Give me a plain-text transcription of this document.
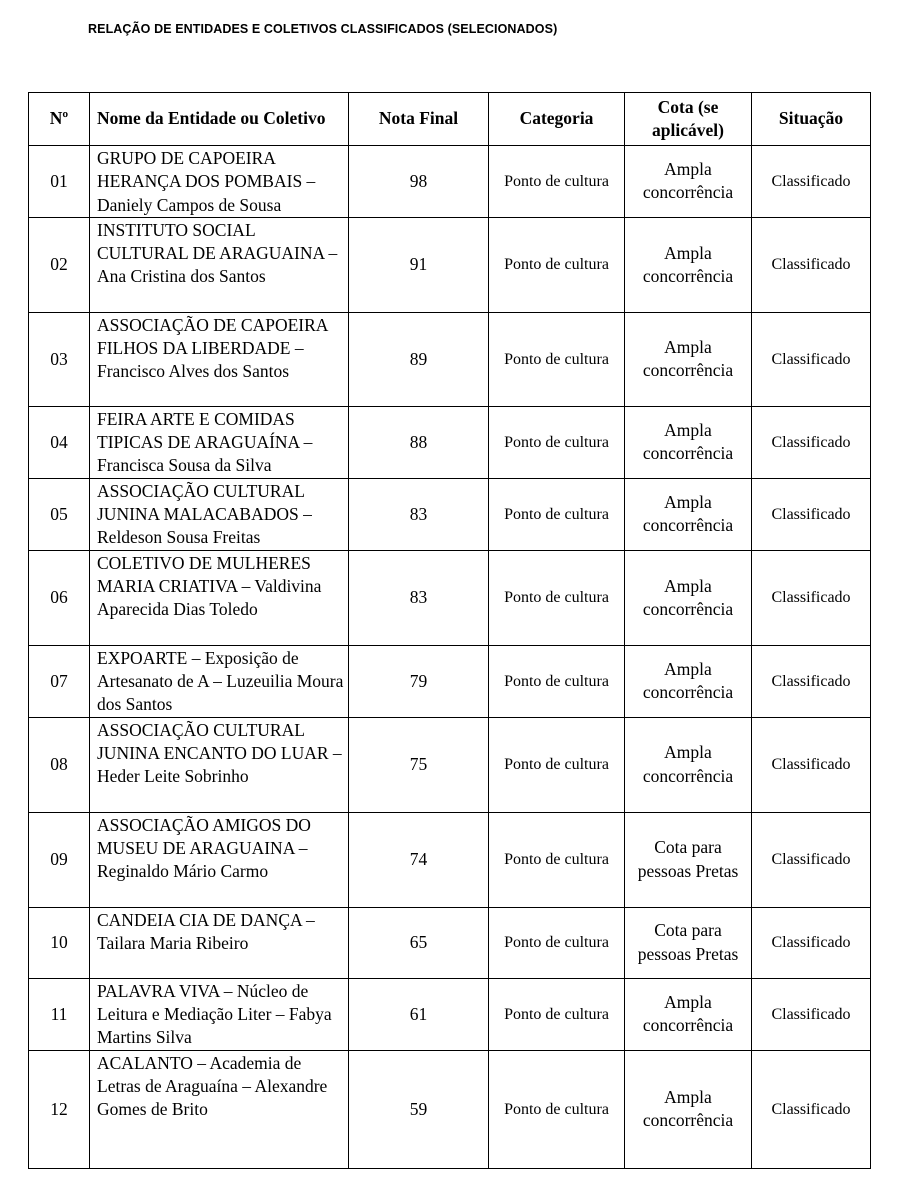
RELAÇÃO DE ENTIDADES E COLETIVOS CLASSIFICADOS (SELECIONADOS)
Nº	Nome da Entidade ou Coletivo	Nota Final	Categoria	Cota (se aplicável)	Situação
01	GRUPO DE CAPOEIRA HERANÇA DOS POMBAIS – Daniely Campos de Sousa	98	Ponto de cultura	Ampla concorrência	Classificado
02	INSTITUTO SOCIAL CULTURAL DE ARAGUAINA – Ana Cristina dos Santos	91	Ponto de cultura	Ampla concorrência	Classificado
03	ASSOCIAÇÃO DE CAPOEIRA FILHOS DA LIBERDADE – Francisco Alves dos Santos	89	Ponto de cultura	Ampla concorrência	Classificado
04	FEIRA ARTE E COMIDAS TIPICAS DE ARAGUAÍNA – Francisca Sousa da Silva	88	Ponto de cultura	Ampla concorrência	Classificado
05	ASSOCIAÇÃO CULTURAL JUNINA MALACABADOS – Reldeson Sousa Freitas	83	Ponto de cultura	Ampla concorrência	Classificado
06	COLETIVO DE MULHERES MARIA CRIATIVA – Valdivina Aparecida Dias Toledo	83	Ponto de cultura	Ampla concorrência	Classificado
07	EXPOARTE – Exposição de Artesanato de A – Luzeuilia Moura dos Santos	79	Ponto de cultura	Ampla concorrência	Classificado
08	ASSOCIAÇÃO CULTURAL JUNINA ENCANTO DO LUAR – Heder Leite Sobrinho	75	Ponto de cultura	Ampla concorrência	Classificado
09	ASSOCIAÇÃO AMIGOS DO MUSEU DE ARAGUAINA – Reginaldo Mário Carmo	74	Ponto de cultura	Cota para pessoas Pretas	Classificado
10	CANDEIA CIA DE DANÇA – Tailara Maria Ribeiro	65	Ponto de cultura	Cota para pessoas Pretas	Classificado
11	PALAVRA VIVA – Núcleo de Leitura e Mediação Liter – Fabya Martins Silva	61	Ponto de cultura	Ampla concorrência	Classificado
12	ACALANTO – Academia de Letras de Araguaína – Alexandre Gomes de Brito	59	Ponto de cultura	Ampla concorrência	Classificado
